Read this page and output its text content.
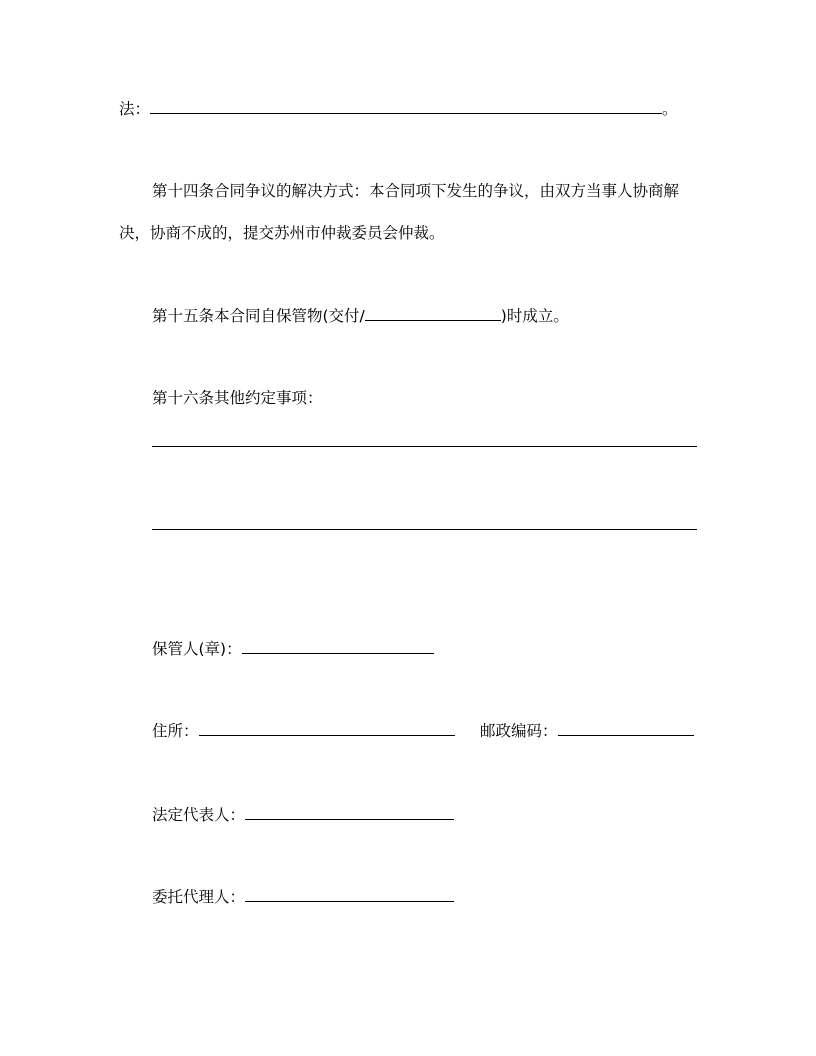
法：	。
第十四条合同争议的解决方式：本合同项下发生的争议，由双方当事人协商解
决，协商不成的，提交苏州市仲裁委员会仲裁。
第十五条本合同自保管物(交付/	)时成立。
第十六条其他约定事项：
保管人(章)：
住所：	邮政编码：
法定代表人：
委托代理人：
